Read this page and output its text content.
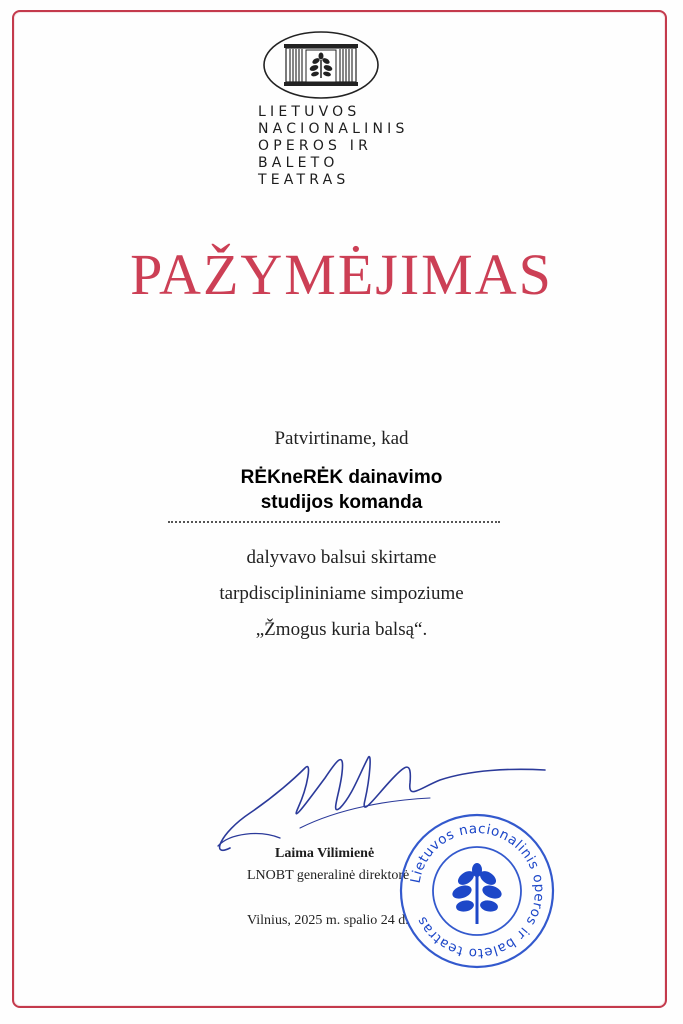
LIETUVOS
NACIONALINIS
OPEROS IR
BALETO
TEATRAS
PAŽYMĖJIMAS
Patvirtiname, kad
RĖKneRĖK dainavimo
studijos komanda
dalyvavo balsui skirtame
tarpdisciplininiame simpoziume
„Žmogus kuria balsą“.
Laima Vilimienė
LNOBT generalinė direktorė
Vilnius, 2025 m. spalio 24 d.
Lietuvos nacionalinis operos ir baleto teatras
